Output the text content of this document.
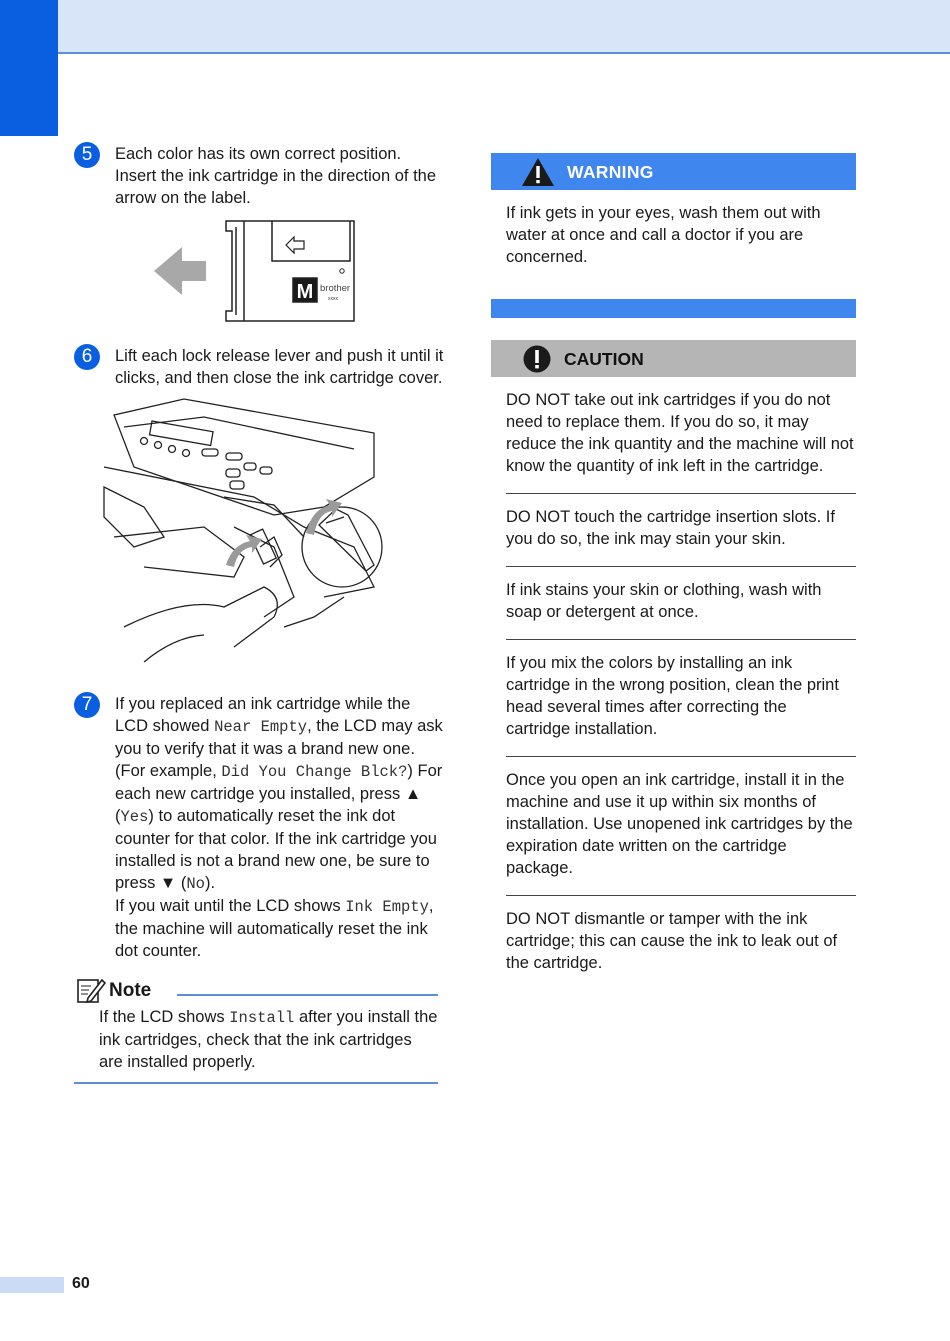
5	Each color has its own correct position. Insert the ink cartridge in the direction of the arrow on the label.
M brother
xxxx
6	Lift each lock release lever and push it until it clicks, and then close the ink cartridge cover.
7	If you replaced an ink cartridge while the LCD showed Near Empty, the LCD may ask you to verify that it was a brand new one. (For example, Did You Change Blck?) For each new cartridge you installed, press ▲ (Yes) to automatically reset the ink dot counter for that color. If the ink cartridge you installed is not a brand new one, be sure to press ▼ (No).
If you wait until the LCD shows Ink Empty, the machine will automatically reset the ink dot counter.
Note
If the LCD shows Install after you install the ink cartridges, check that the ink cartridges are installed properly.
WARNING
If ink gets in your eyes, wash them out with water at once and call a doctor if you are concerned.
CAUTION
DO NOT take out ink cartridges if you do not need to replace them. If you do so, it may reduce the ink quantity and the machine will not know the quantity of ink left in the cartridge.
DO NOT touch the cartridge insertion slots. If you do so, the ink may stain your skin.
If ink stains your skin or clothing, wash with soap or detergent at once.
If you mix the colors by installing an ink cartridge in the wrong position, clean the print head several times after correcting the cartridge installation.
Once you open an ink cartridge, install it in the machine and use it up within six months of installation. Use unopened ink cartridges by the expiration date written on the cartridge package.
DO NOT dismantle or tamper with the ink cartridge; this can cause the ink to leak out of the cartridge.
60
